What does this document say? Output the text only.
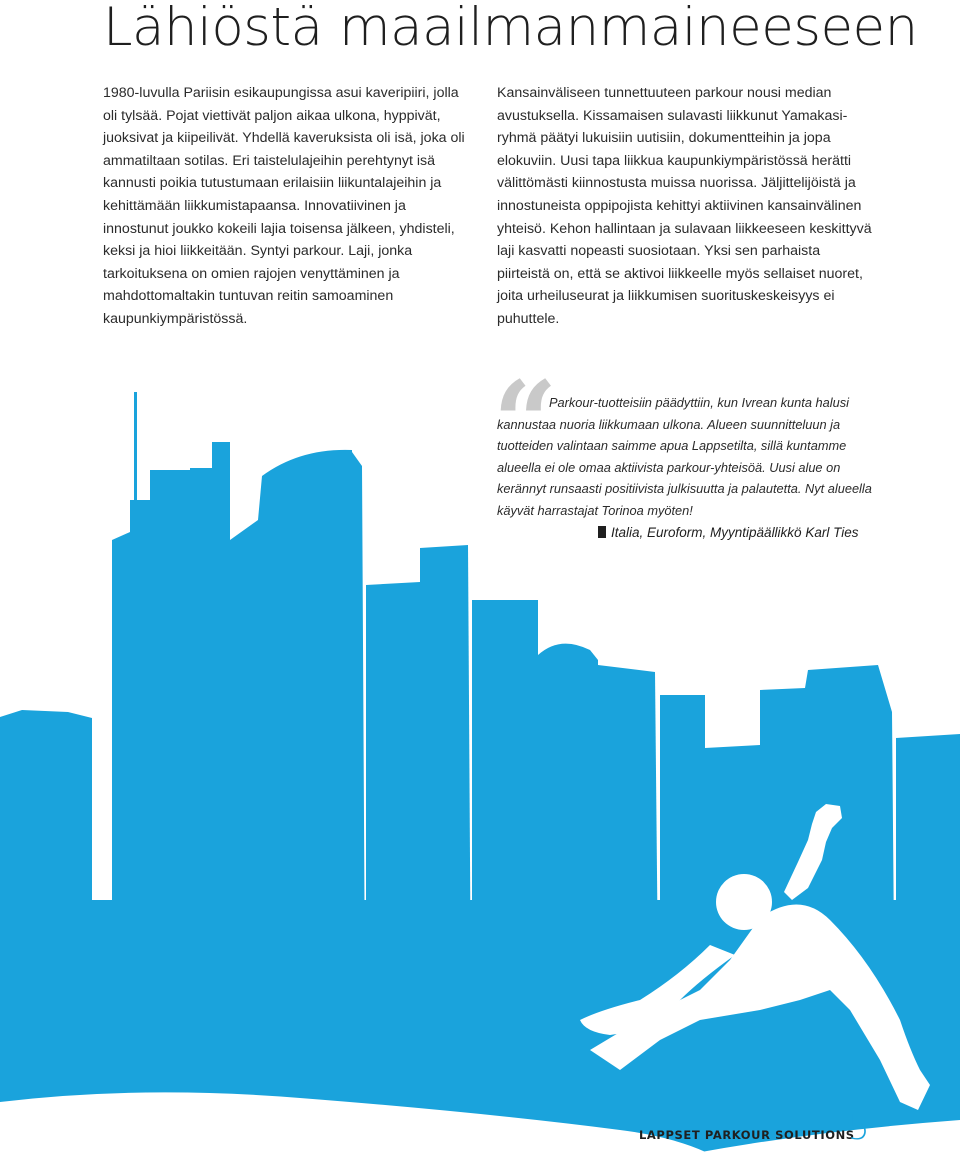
Lähiöstä maailmanmaineeseen

1980-luvulla Pariisin esikaupungissa asui kaveripiiri, jolla oli tylsää. Pojat viettivät paljon aikaa ulkona, hyppivät, juoksivat ja kiipeilivät. Yhdellä kaveruksista oli isä, joka oli ammatiltaan sotilas. Eri taistelulajeihin perehtynyt isä kannusti poikia tutustumaan erilaisiin liikuntalajeihin ja kehittämään liikkumistapaansa. Innovatiivinen ja innostunut joukko kokeili lajia toisensa jälkeen, yhdisteli, keksi ja hioi liikkeitään. Syntyi parkour. Laji, jonka tarkoituksena on omien rajojen venyttäminen ja mahdottomaltakin tuntuvan reitin samoaminen kaupunkiympäristössä.

Kansainväliseen tunnettuuteen parkour nousi median avustuksella. Kissamaisen sulavasti liikkunut Yamakasi-ryhmä päätyi lukuisiin uutisiin, dokumentteihin ja jopa elokuviin. Uusi tapa liikkua kaupunkiympäristössä herätti välittömästi kiinnostusta muissa nuorissa. Jäljittelijöistä ja innostuneista oppipojista kehittyi aktiivinen kansainvälinen yhteisö. Kehon hallintaan ja sulavaan liikkeeseen keskittyvä laji kasvatti nopeasti suosiotaan. Yksi sen parhaista piirteistä on, että se aktivoi liikkeelle myös sellaiset nuoret, joita urheiluseurat ja liikkumisen suorituskeskeisyys ei puhuttele.

“

Parkour-tuotteisiin päädyttiin, kun Ivrean kunta halusi kannustaa nuoria liikkumaan ulkona. Alueen suunnitteluun ja tuotteiden valintaan saimme apua Lappsetilta, sillä kuntamme alueella ei ole omaa aktiivista parkour-yhteisöä. Uusi alue on kerännyt runsaasti positiivista julkisuutta ja palautetta. Nyt alueella käyvät harrastajat Torinoa myöten!

Italia, Euroform, Myyntipäällikkö Karl Ties

LAPPSET PARKOUR SOLUTIONS

5
